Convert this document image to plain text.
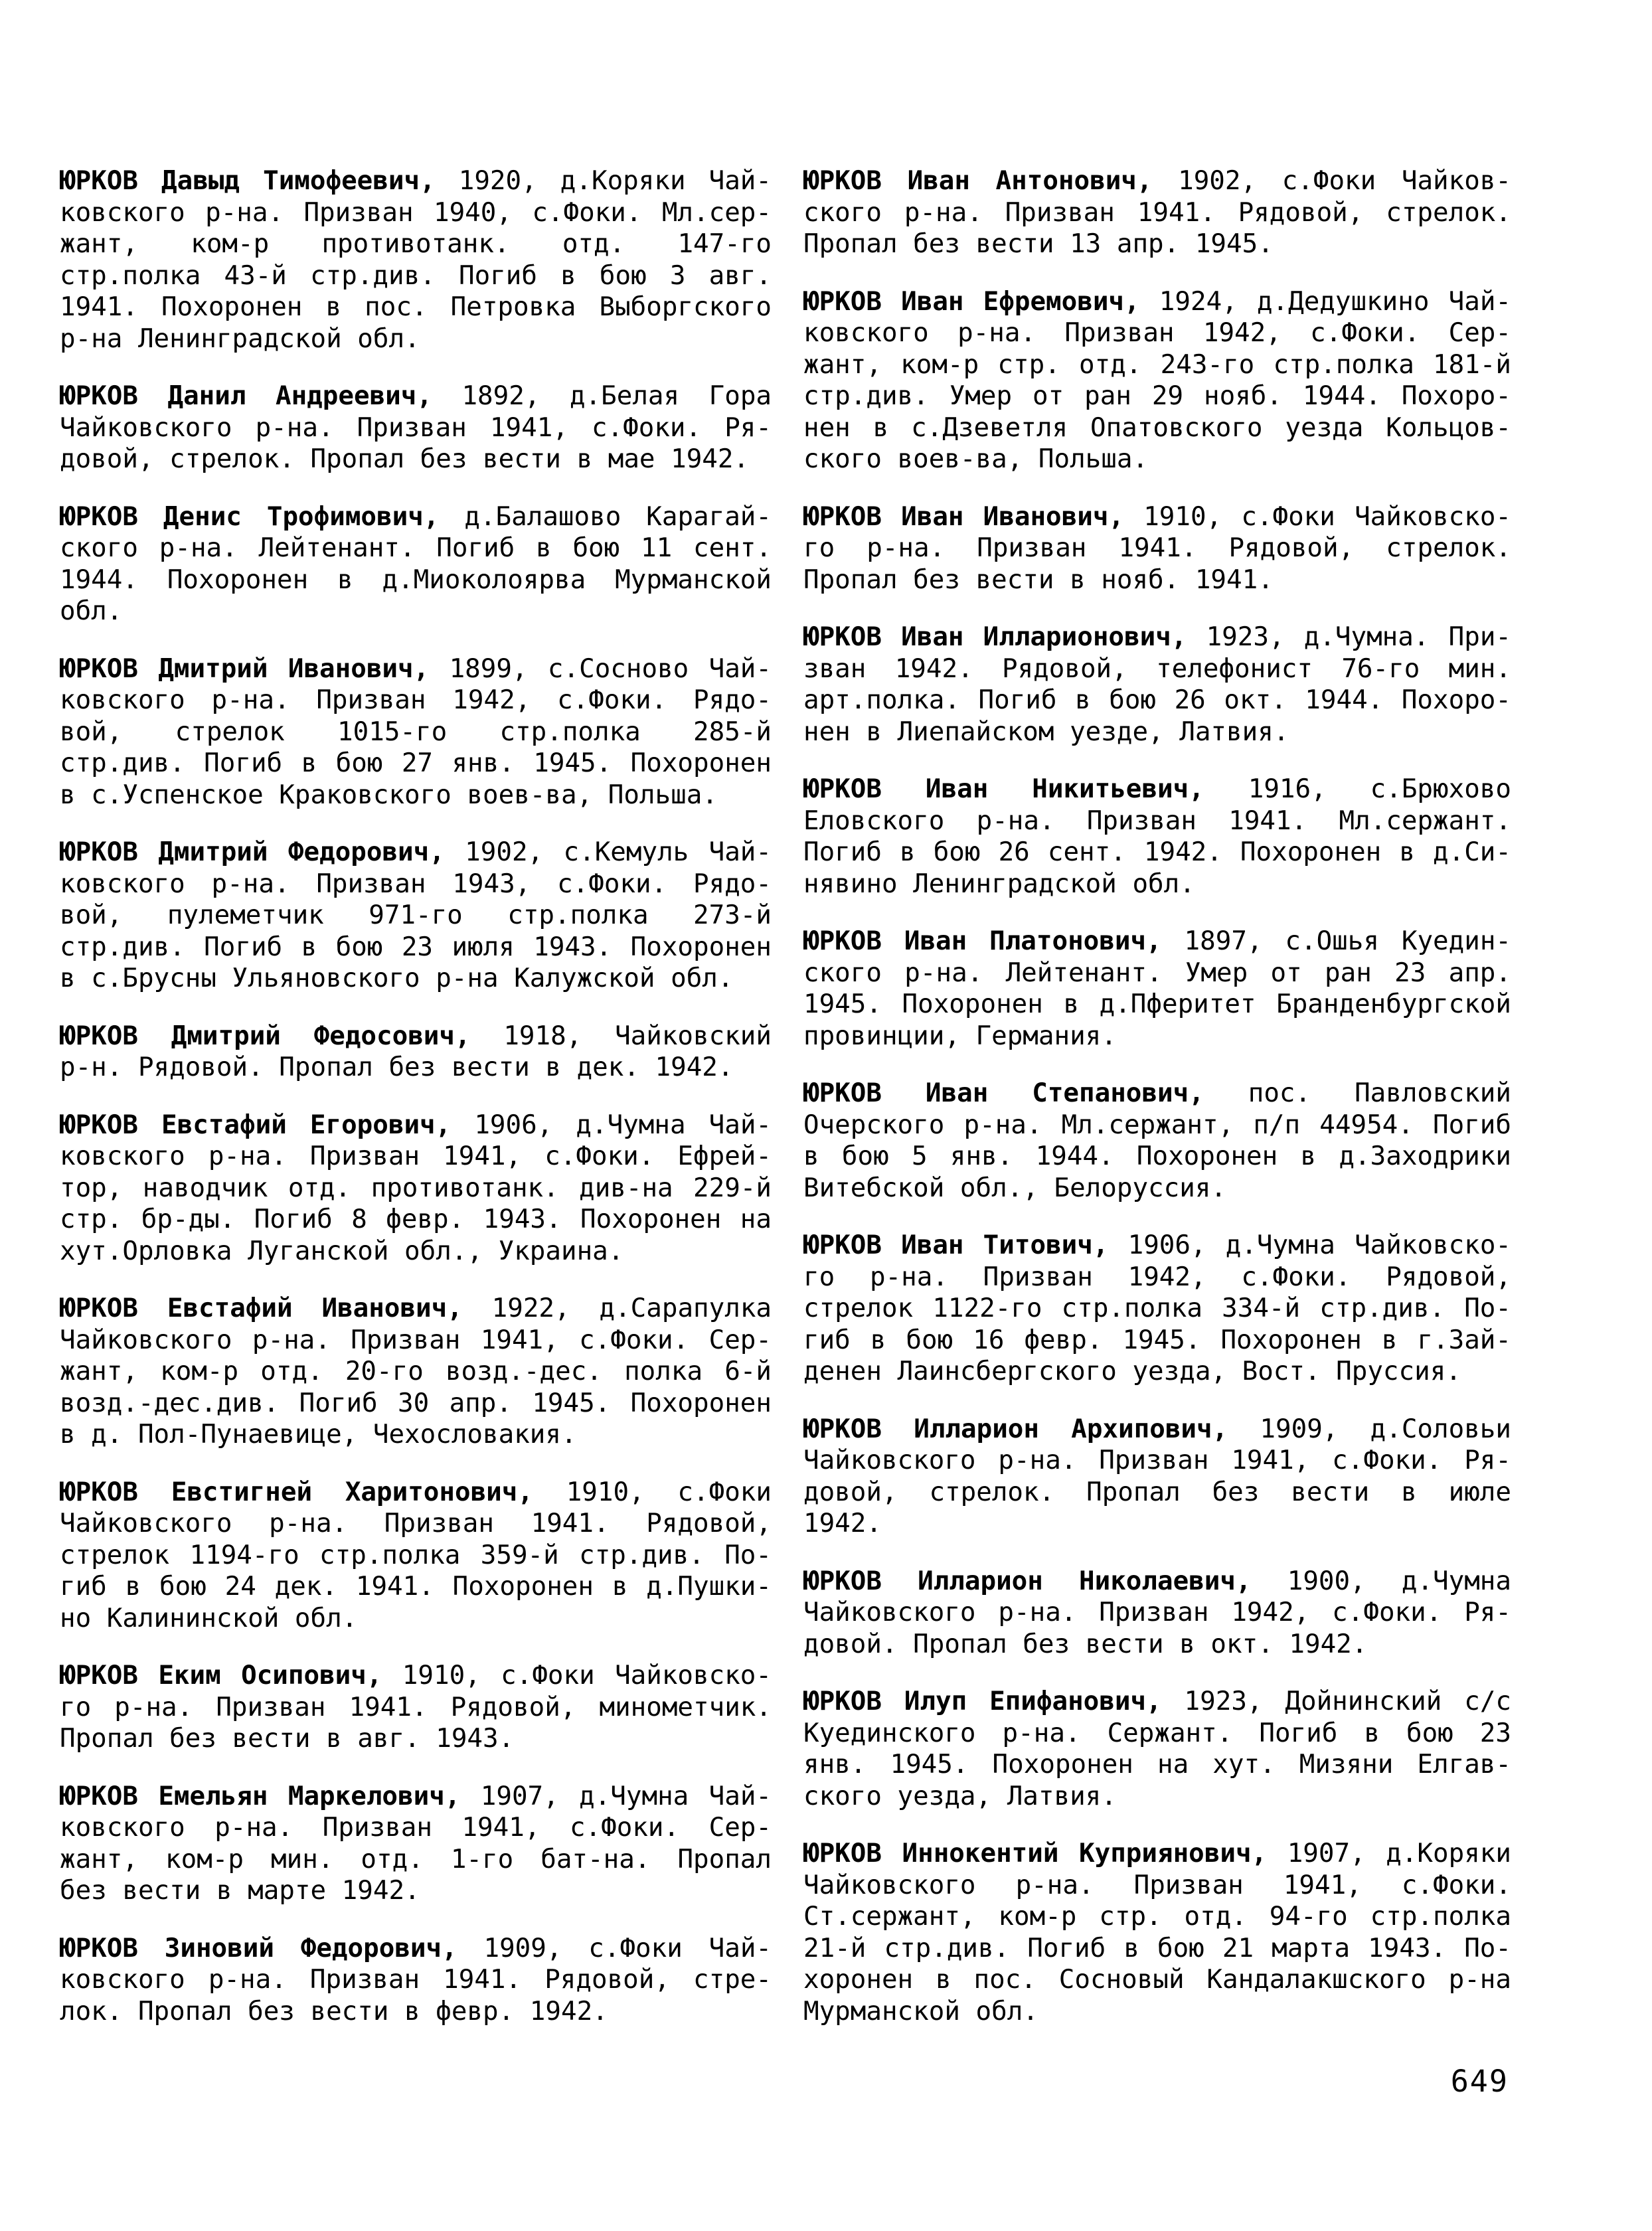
ЮРКОВ Давыд Тимофеевич, 1920, д.Коряки Чай-
ковского р-на. Призван 1940, с.Фоки. Мл.сер-
жант, ком-р противотанк. отд. 147-го
стр.полка 43-й стр.див. Погиб в бою 3 авг.
1941. Похоронен в пос. Петровка Выборгского
р-на Ленинградской обл.
ЮРКОВ Данил Андреевич, 1892, д.Белая Гора
Чайковского р-на. Призван 1941, с.Фоки. Ря-
довой, стрелок. Пропал без вести в мае 1942.
ЮРКОВ Денис Трофимович, д.Балашово Карагай-
ского р-на. Лейтенант. Погиб в бою 11 сент.
1944. Похоронен в д.Миоколоярва Мурманской
обл.
ЮРКОВ Дмитрий Иванович, 1899, с.Сосново Чай-
ковского р-на. Призван 1942, с.Фоки. Рядо-
вой, стрелок 1015-го стр.полка 285-й
стр.див. Погиб в бою 27 янв. 1945. Похоронен
в с.Успенское Краковского воев-ва, Польша.
ЮРКОВ Дмитрий Федорович, 1902, с.Кемуль Чай-
ковского р-на. Призван 1943, с.Фоки. Рядо-
вой, пулеметчик 971-го стр.полка 273-й
стр.див. Погиб в бою 23 июля 1943. Похоронен
в с.Брусны Ульяновского р-на Калужской обл.
ЮРКОВ Дмитрий Федосович, 1918, Чайковский
р-н. Рядовой. Пропал без вести в дек. 1942.
ЮРКОВ Евстафий Егорович, 1906, д.Чумна Чай-
ковского р-на. Призван 1941, с.Фоки. Ефрей-
тор, наводчик отд. противотанк. див-на 229-й
стр. бр-ды. Погиб 8 февр. 1943. Похоронен на
хут.Орловка Луганской обл., Украина.
ЮРКОВ Евстафий Иванович, 1922, д.Сарапулка
Чайковского р-на. Призван 1941, с.Фоки. Сер-
жант, ком-р отд. 20-го возд.-дес. полка 6-й
возд.-дес.див. Погиб 30 апр. 1945. Похоронен
в д. Пол-Пунаевице, Чехословакия.
ЮРКОВ Евстигней Харитонович, 1910, с.Фоки
Чайковского р-на. Призван 1941. Рядовой,
стрелок 1194-го стр.полка 359-й стр.див. По-
гиб в бою 24 дек. 1941. Похоронен в д.Пушки-
но Калининской обл.
ЮРКОВ Еким Осипович, 1910, с.Фоки Чайковско-
го р-на. Призван 1941. Рядовой, минометчик.
Пропал без вести в авг. 1943.
ЮРКОВ Емельян Маркелович, 1907, д.Чумна Чай-
ковского р-на. Призван 1941, с.Фоки. Сер-
жант, ком-р мин. отд. 1-го бат-на. Пропал
без вести в марте 1942.
ЮРКОВ Зиновий Федорович, 1909, с.Фоки Чай-
ковского р-на. Призван 1941. Рядовой, стре-
лок. Пропал без вести в февр. 1942.
ЮРКОВ Иван Антонович, 1902, с.Фоки Чайков-
ского р-на. Призван 1941. Рядовой, стрелок.
Пропал без вести 13 апр. 1945.
ЮРКОВ Иван Ефремович, 1924, д.Дедушкино Чай-
ковского р-на. Призван 1942, с.Фоки. Сер-
жант, ком-р стр. отд. 243-го стр.полка 181-й
стр.див. Умер от ран 29 нояб. 1944. Похоро-
нен в с.Дзеветля Опатовского уезда Кольцов-
ского воев-ва, Польша.
ЮРКОВ Иван Иванович, 1910, с.Фоки Чайковско-
го р-на. Призван 1941. Рядовой, стрелок.
Пропал без вести в нояб. 1941.
ЮРКОВ Иван Илларионович, 1923, д.Чумна. При-
зван 1942. Рядовой, телефонист 76-го мин.
арт.полка. Погиб в бою 26 окт. 1944. Похоро-
нен в Лиепайском уезде, Латвия.
ЮРКОВ Иван Никитьевич, 1916, с.Брюхово
Еловского р-на. Призван 1941. Мл.сержант.
Погиб в бою 26 сент. 1942. Похоронен в д.Си-
нявино Ленинградской обл.
ЮРКОВ Иван Платонович, 1897, с.Ошья Куедин-
ского р-на. Лейтенант. Умер от ран 23 апр.
1945. Похоронен в д.Пферитет Бранденбургской
провинции, Германия.
ЮРКОВ Иван Степанович, пос. Павловский
Очерского р-на. Мл.сержант, п/п 44954. Погиб
в бою 5 янв. 1944. Похоронен в д.Заходрики
Витебской обл., Белоруссия.
ЮРКОВ Иван Титович, 1906, д.Чумна Чайковско-
го р-на. Призван 1942, с.Фоки. Рядовой,
стрелок 1122-го стр.полка 334-й стр.див. По-
гиб в бою 16 февр. 1945. Похоронен в г.Зай-
денен Лаинсбергского уезда, Вост. Пруссия.
ЮРКОВ Илларион Архипович, 1909, д.Соловьи
Чайковского р-на. Призван 1941, с.Фоки. Ря-
довой, стрелок. Пропал без вести в июле
1942.
ЮРКОВ Илларион Николаевич, 1900, д.Чумна
Чайковского р-на. Призван 1942, с.Фоки. Ря-
довой. Пропал без вести в окт. 1942.
ЮРКОВ Илуп Епифанович, 1923, Дойнинский с/с
Куединского р-на. Сержант. Погиб в бою 23
янв. 1945. Похоронен на хут. Мизяни Елгав-
ского уезда, Латвия.
ЮРКОВ Иннокентий Куприянович, 1907, д.Коряки
Чайковского р-на. Призван 1941, с.Фоки.
Ст.сержант, ком-р стр. отд. 94-го стр.полка
21-й стр.див. Погиб в бою 21 марта 1943. По-
хоронен в пос. Сосновый Кандалакшского р-на
Мурманской обл.
649
